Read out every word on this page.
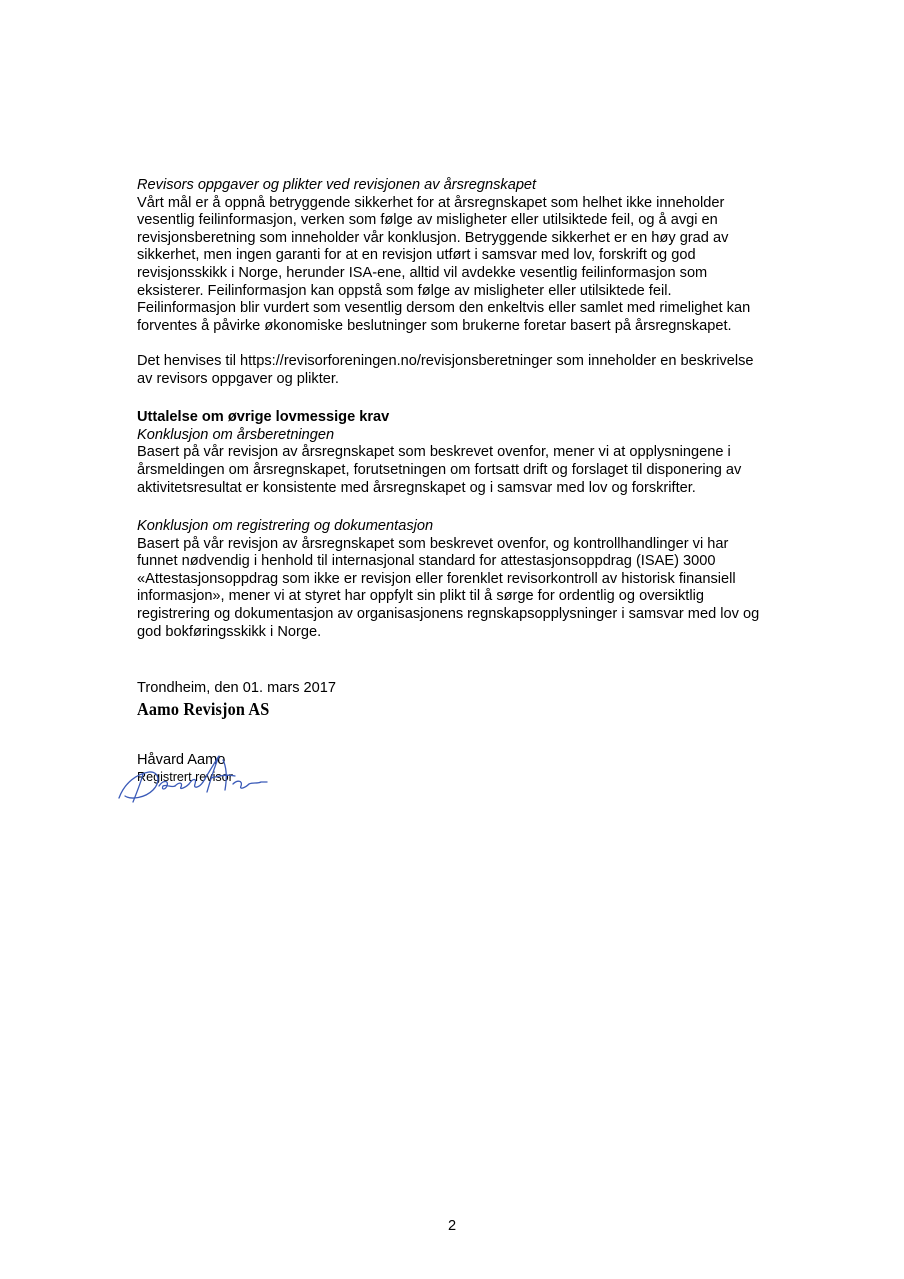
Revisors oppgaver og plikter ved revisjonen av årsregnskapet

Vårt mål er å oppnå betryggende sikkerhet for at årsregnskapet som helhet ikke inneholder

vesentlig feilinformasjon, verken som følge av misligheter eller utilsiktede feil, og å avgi en

revisjonsberetning som inneholder vår konklusjon. Betryggende sikkerhet er en høy grad av

sikkerhet, men ingen garanti for at en revisjon utført i samsvar med lov, forskrift og god

revisjonsskikk i Norge, herunder ISA-ene, alltid vil avdekke vesentlig feilinformasjon som

eksisterer. Feilinformasjon kan oppstå som følge av misligheter eller utilsiktede feil.

Feilinformasjon blir vurdert som vesentlig dersom den enkeltvis eller samlet med rimelighet kan

forventes å påvirke økonomiske beslutninger som brukerne foretar basert på årsregnskapet.

Det henvises til https://revisorforeningen.no/revisjonsberetninger som inneholder en beskrivelse

av revisors oppgaver og plikter.

Uttalelse om øvrige lovmessige krav

Konklusjon om årsberetningen

Basert på vår revisjon av årsregnskapet som beskrevet ovenfor, mener vi at opplysningene i

årsmeldingen om årsregnskapet, forutsetningen om fortsatt drift og forslaget til disponering av

aktivitetsresultat er konsistente med årsregnskapet og i samsvar med lov og forskrifter.

Konklusjon om registrering og dokumentasjon

Basert på vår revisjon av årsregnskapet som beskrevet ovenfor, og kontrollhandlinger vi har

funnet nødvendig i henhold til internasjonal standard for attestasjonsoppdrag (ISAE) 3000

«Attestasjonsoppdrag som ikke er revisjon eller forenklet revisorkontroll av historisk finansiell

informasjon», mener vi at styret har oppfylt sin plikt til å sørge for ordentlig og oversiktlig

registrering og dokumentasjon av organisasjonens regnskapsopplysninger i samsvar med lov og

god bokføringsskikk i Norge.

Trondheim, den 01. mars 2017

Aamo Revisjon AS

Håvard Aamo

Registrert revisor

2
